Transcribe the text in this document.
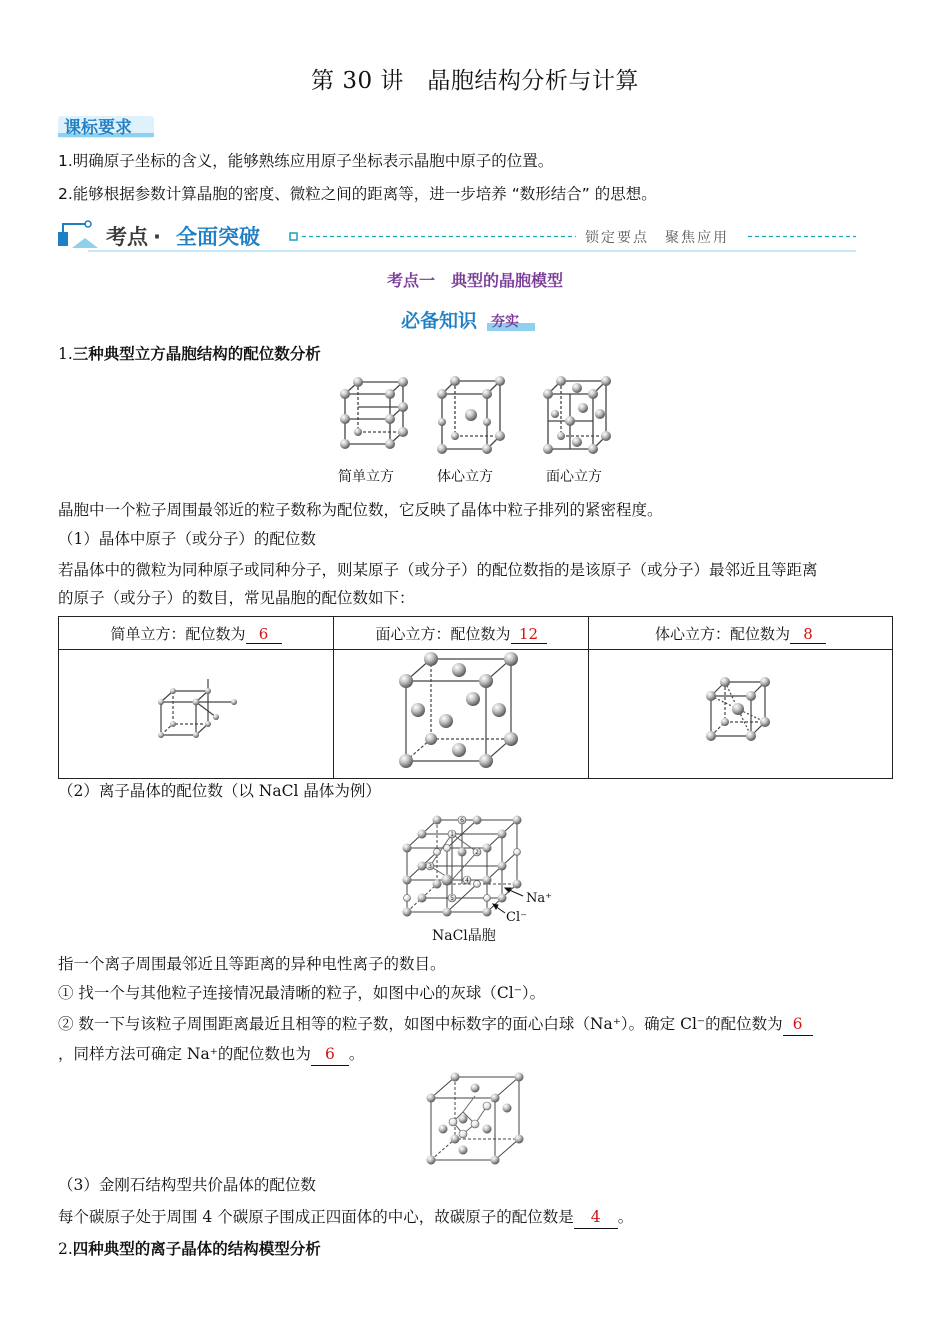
第 30 讲　晶胞结构分析与计算
课标要求
1.明确原子坐标的含义，能够熟练应用原子坐标表示晶胞中原子的位置。
2.能够根据参数计算晶胞的密度、微粒之间的距离等，进一步培养 “数形结合” 的思想。
考点 · 全面突破	锁定要点　聚焦应用
考点一　典型的晶胞模型
必备知识 夯实
1.三种典型立方晶胞结构的配位数分析
简单立方	体心立方	面心立方
晶胞中一个粒子周围最邻近的粒子数称为配位数，它反映了晶体中粒子排列的紧密程度。
（1）晶体中原子（或分子）的配位数
若晶体中的微粒为同种原子或同种分子，则某原子（或分子）的配位数指的是该原子（或分子）最邻近且等距离
的原子（或分子）的数目，常见晶胞的配位数如下：
简单立方：配位数为 6	面心立方：配位数为 12	体心立方：配位数为 8

（2）离子晶体的配位数（以 NaCl 晶体为例）
1
2
3
4
5
6
Na⁺
Cl⁻
NaCl晶胞
指一个离子周围最邻近且等距离的异种电性离子的数目。
① 找一个与其他粒子连接情况最清晰的粒子，如图中心的灰球（Cl⁻）。
② 数一下与该粒子周围距离最近且相等的粒子数，如图中标数字的面心白球（Na⁺）。确定 Cl⁻的配位数为 6
，同样方法可确定 Na⁺的配位数也为 6 。
（3）金刚石结构型共价晶体的配位数
每个碳原子处于周围 4 个碳原子围成正四面体的中心，故碳原子的配位数是 4 。
2.四种典型的离子晶体的结构模型分析
